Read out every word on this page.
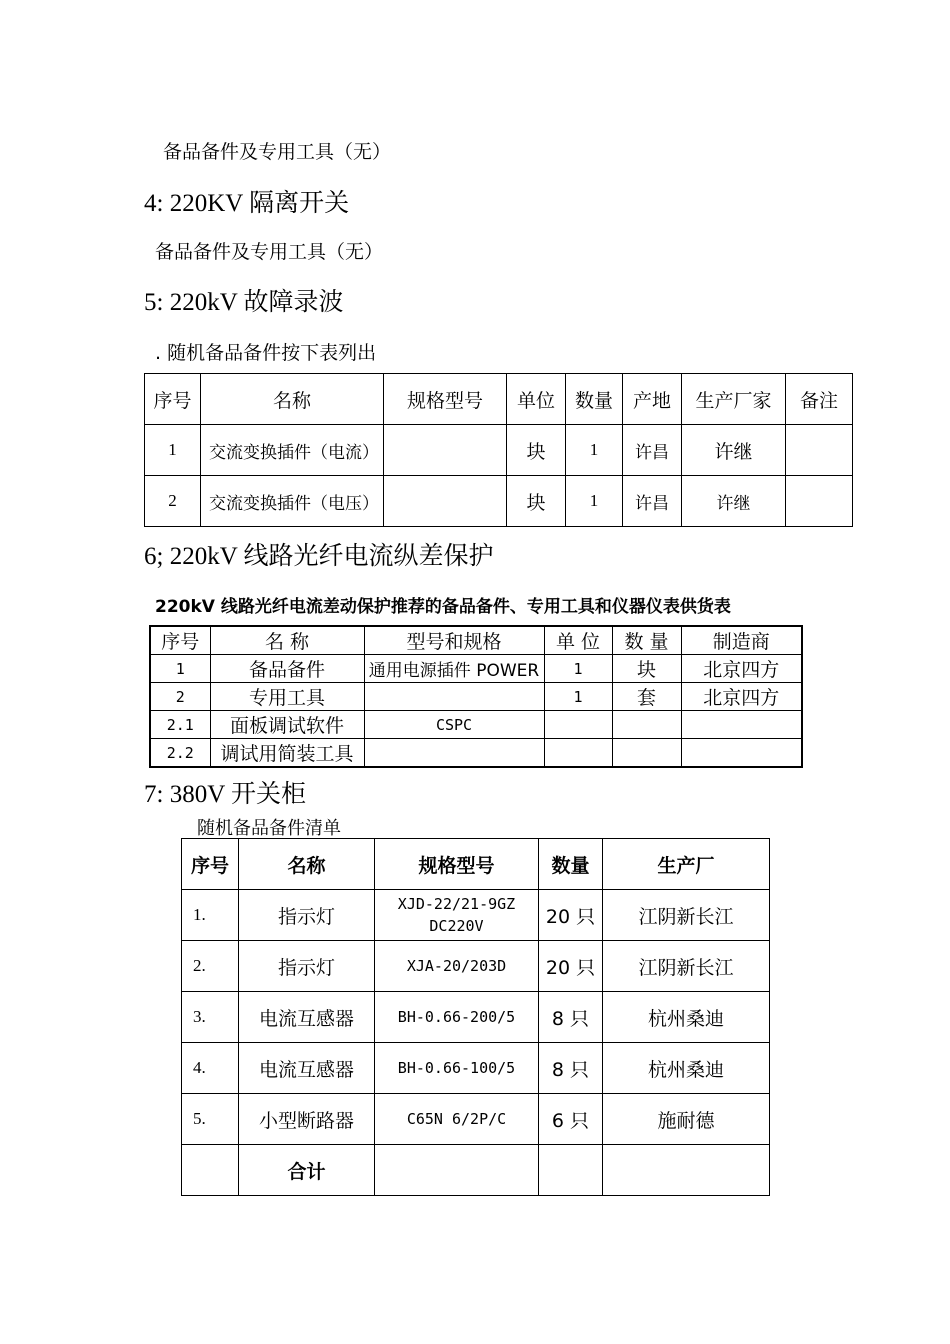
备品备件及专用工具（无）
4: 220KV 隔离开关
备品备件及专用工具（无）
5: 220kV 故障录波
. 随机备品备件按下表列出
序号	名称	规格型号	单位	数量	产地	生产厂家	备注
1	交流变换插件（电流）		块	1	许昌	许继	
2	交流变换插件（电压）		块	1	许昌	许继	
6; 220kV 线路光纤电流纵差保护
220kV 线路光纤电流差动保护推荐的备品备件、专用工具和仪器仪表供货表
序号	名 称	型号和规格	单 位	数 量	制造商
1	备品备件	通用电源插件 POWER	1	块	北京四方
2	专用工具		1	套	北京四方
2.1	面板调试软件	CSPC			
2.2	调试用简装工具				
7: 380V 开关柜
随机备品备件清单
序号	名称	规格型号	数量	生产厂
1.	指示灯	XJD-22/21-9GZ DC220V	20 只	江阴新长江
2.	指示灯	XJA-20/203D	20 只	江阴新长江
3.	电流互感器	BH-0.66-200/5	8 只	杭州桑迪
4.	电流互感器	BH-0.66-100/5	8 只	杭州桑迪
5.	小型断路器	C65N 6/2P/C	6 只	施耐德
	合计			
